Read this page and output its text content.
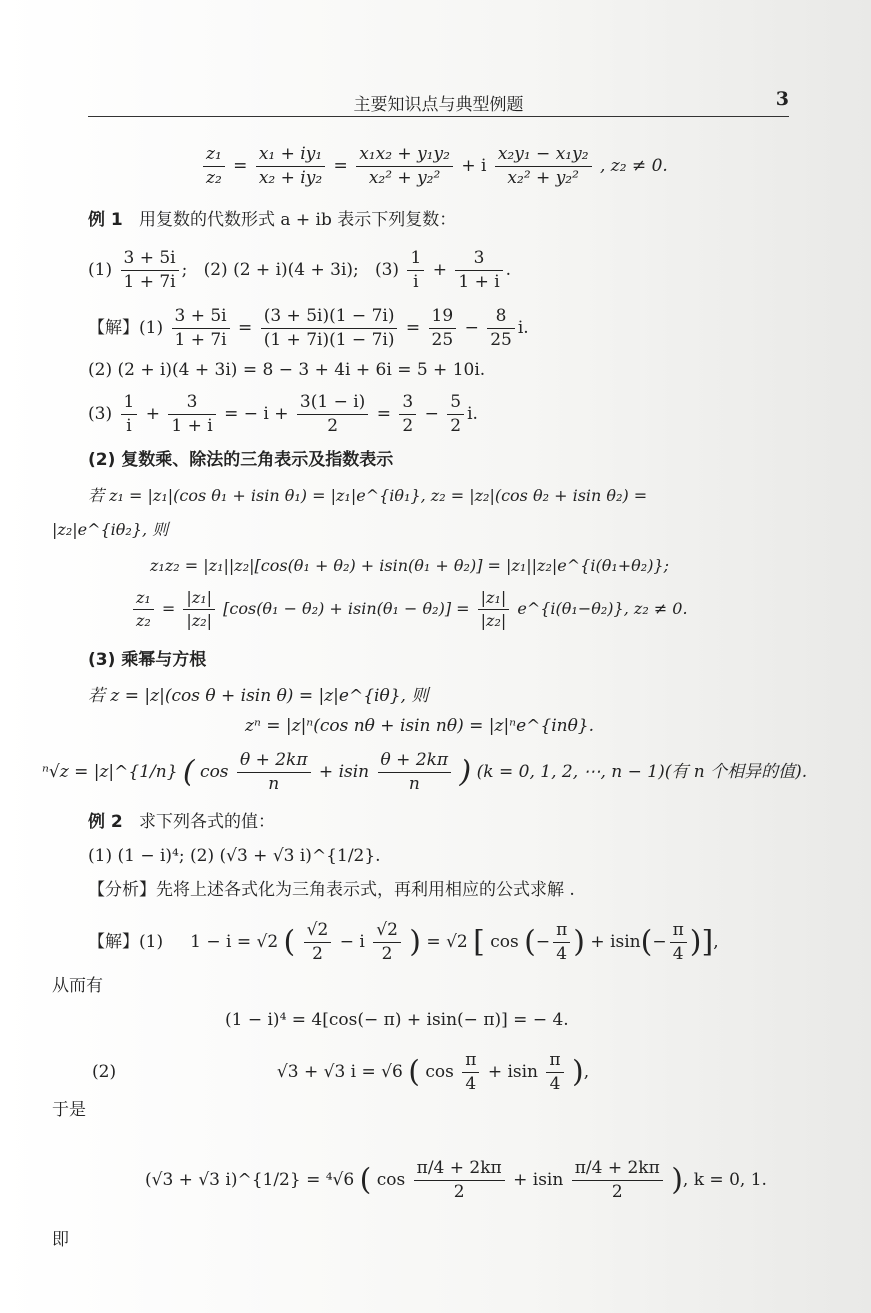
主要知识点与典型例题	3
$\frac{\text{z₁}}{\text{z₂}} = \frac{\text{x₁ + iy₁}}{\text{x₂ + iy₂}} = \frac{\text{x₁x₂ + y₁y₂}}{\text{x₂² + y₂²}} + i \frac{\text{x₂y₁ − x₁y₂}}{\text{x₂² + y₂²}}$ , z₂ ≠ 0.
例 1 用复数的代数形式 a + ib 表示下列复数：
$(1) \frac{3 + 5i}{1 + 7i}$ ; (2) (2 + i)(4 + 3i); $(3) \frac{1}{i} + \frac{3}{1 + i}$ .
【解】$(1) \frac{3 + 5i}{1 + 7i} = \frac{(3 + 5i)(1 - 7i)}{(1 + 7i)(1 - 7i)} = \frac{19}{25} - \frac{8}{25} i$.
(2) (2 + i)(4 + 3i) = 8 − 3 + 4i + 6i = 5 + 10i.
$(3) \frac{1}{i} + \frac{3}{1 + i}$ = − $i + \frac{3(1 - i)}{2} = \frac{3}{2} - \frac{5}{2} i$.
(2) 复数乘、除法的三角表示及指数表示
若 z₁ = |z₁|(cos θ₁ + isin θ₁) = |z₁|e^{iθ₁}, z₂ = |z₂|(cos θ₂ + isin θ₂) =
|z₂|e^{iθ₂}, 则
z₁z₂ = |z₁||z₂|[cos(θ₁ + θ₂) + isin(θ₁ + θ₂)] = |z₁||z₂|e^{i(θ₁+θ₂)};
$\frac{\text{z₁}}{\text{z₂}} = \frac{\text{|z₁|}}{\text{|z₂|}} [\cos(\theta_1 - \theta_2) + isin(\theta_1 - \theta_2)] = \frac{\text{|z₁|}}{\text{|z₂|}}$ e^{i(θ₁−θ₂)}, z₂ ≠ 0.
(3) 乘幂与方根
若 z = |z|(cos θ + isin θ) = |z|e^{iθ}, 则
zⁿ = |z|ⁿ(cos nθ + isin nθ) = |z|ⁿe^{inθ}.
ⁿ√z = |z|^{1/n} ( $\cos \frac{\theta + 2k\pi}{n} + isin \frac{\theta + 2k\pi}{n}$ ) (k = 0, 1, 2, ⋯, n − 1)(有 n 个相异的值).
例 2 求下列各式的值：
(1) (1 − i)⁴; (2) (√3 + √3 i)^{1/2}.
【分析】先将上述各式化为三角表示式，再利用相应的公式求解 .
【解】(1) 1 − i = √2 ( $\frac{√2}{2} - i \frac{√2}{2}$ ) = √2 [ cos (− $\frac{\pi}{4}$ ) + $isin(- \frac{\pi}{4}$ )],
从而有
(1 − i)⁴ = 4[cos(− π) + isin(− π)] = − 4.
(2)	√3 + √3 i = √6 ( $\cos \frac{\pi}{4} + isin \frac{\pi}{4}$ ),
于是
(√3 + √3 i)^{1/2} = ⁴√6 ( $\cos \frac{\pi/4 + 2k\pi}{2} + isin \frac{\pi/4 + 2k\pi}{2}$ ), k = 0, 1.
即
